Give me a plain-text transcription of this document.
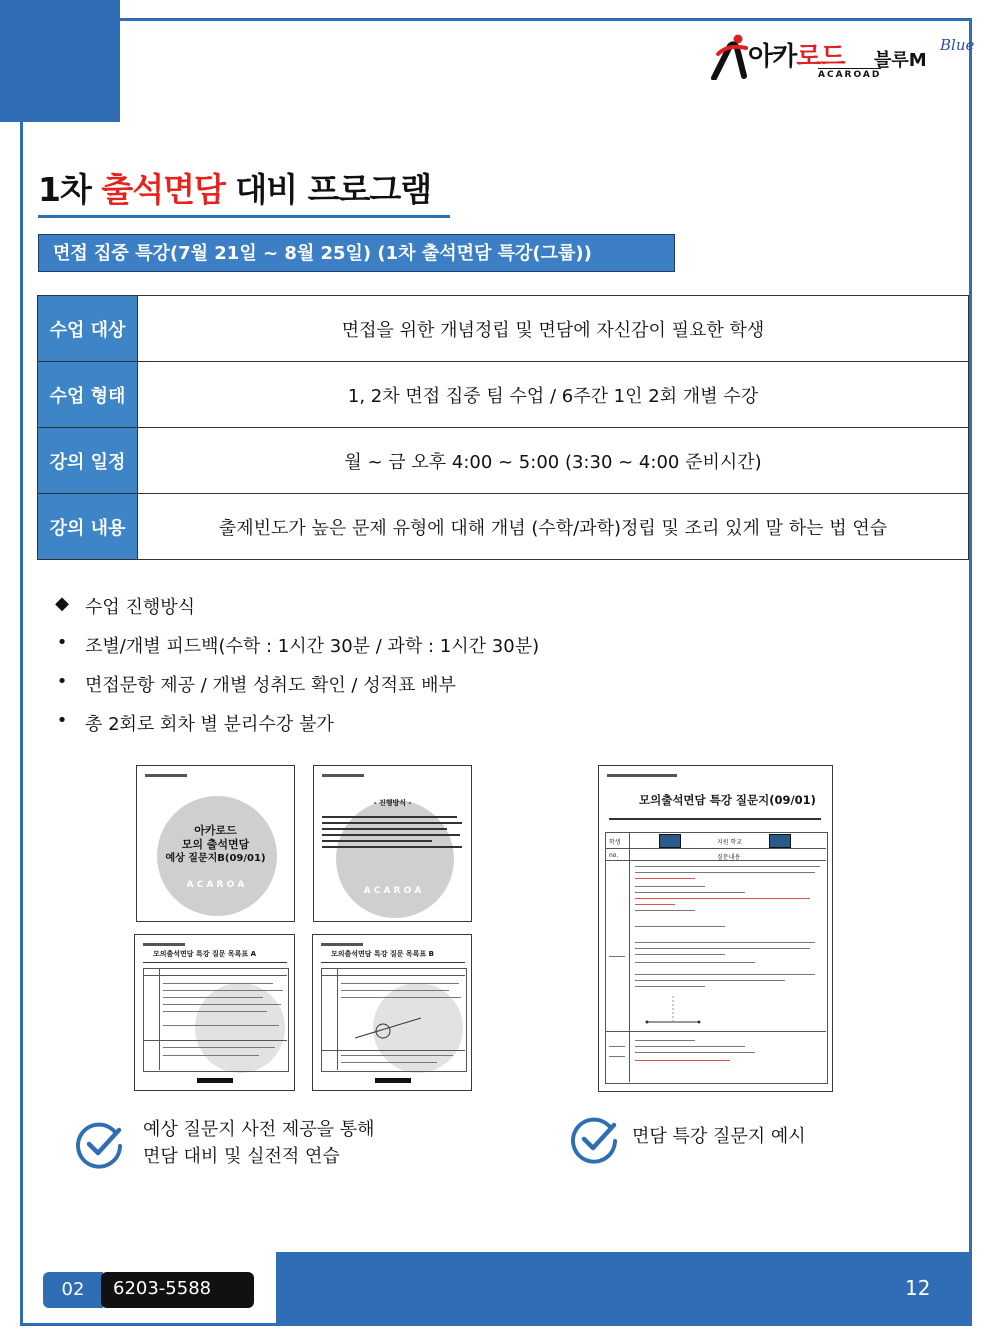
아카로드
ACAROAD
블루M
Blue
1차 출석면담 대비 프로그램
면접 집중 특강(7월 21일 ~ 8월 25일) (1차 출석면담 특강(그룹))
수업 대상	면접을 위한 개념정립 및 면담에 자신감이 필요한 학생
수업 형태	1, 2차 면접 집중 팀 수업 / 6주간 1인 2회 개별 수강
강의 일정	월 ~ 금 오후 4:00 ~ 5:00 (3:30 ~ 4:00 준비시간)
강의 내용	출제빈도가 높은 문제 유형에 대해 개념 (수학/과학)정립 및 조리 있게 말 하는 법 연습
◆ 수업 진행방식
• 조별/개별 피드백(수학 : 1시간 30분 / 과학 : 1시간 30분)
• 면접문항 제공 / 개별 성취도 확인 / 성적표 배부
• 총 2회로 회차 별 분리수강 불가
아카로드
모의 출석면담
예상 질문지B(09/01)
A C A R O A
- 진행방식 -
A C A R O A
모의출석면담 특강 질문 목록표 A	모의출석면담 특강 질문 목록표 B
모의출석면담 특강 질문지(09/01)
학생	지원 학교
no.	질문내용
예상 질문지 사전 제공을 통해
면담 대비 및 실전적 연습
면담 특강 질문지 예시
12
02	6203-5588
